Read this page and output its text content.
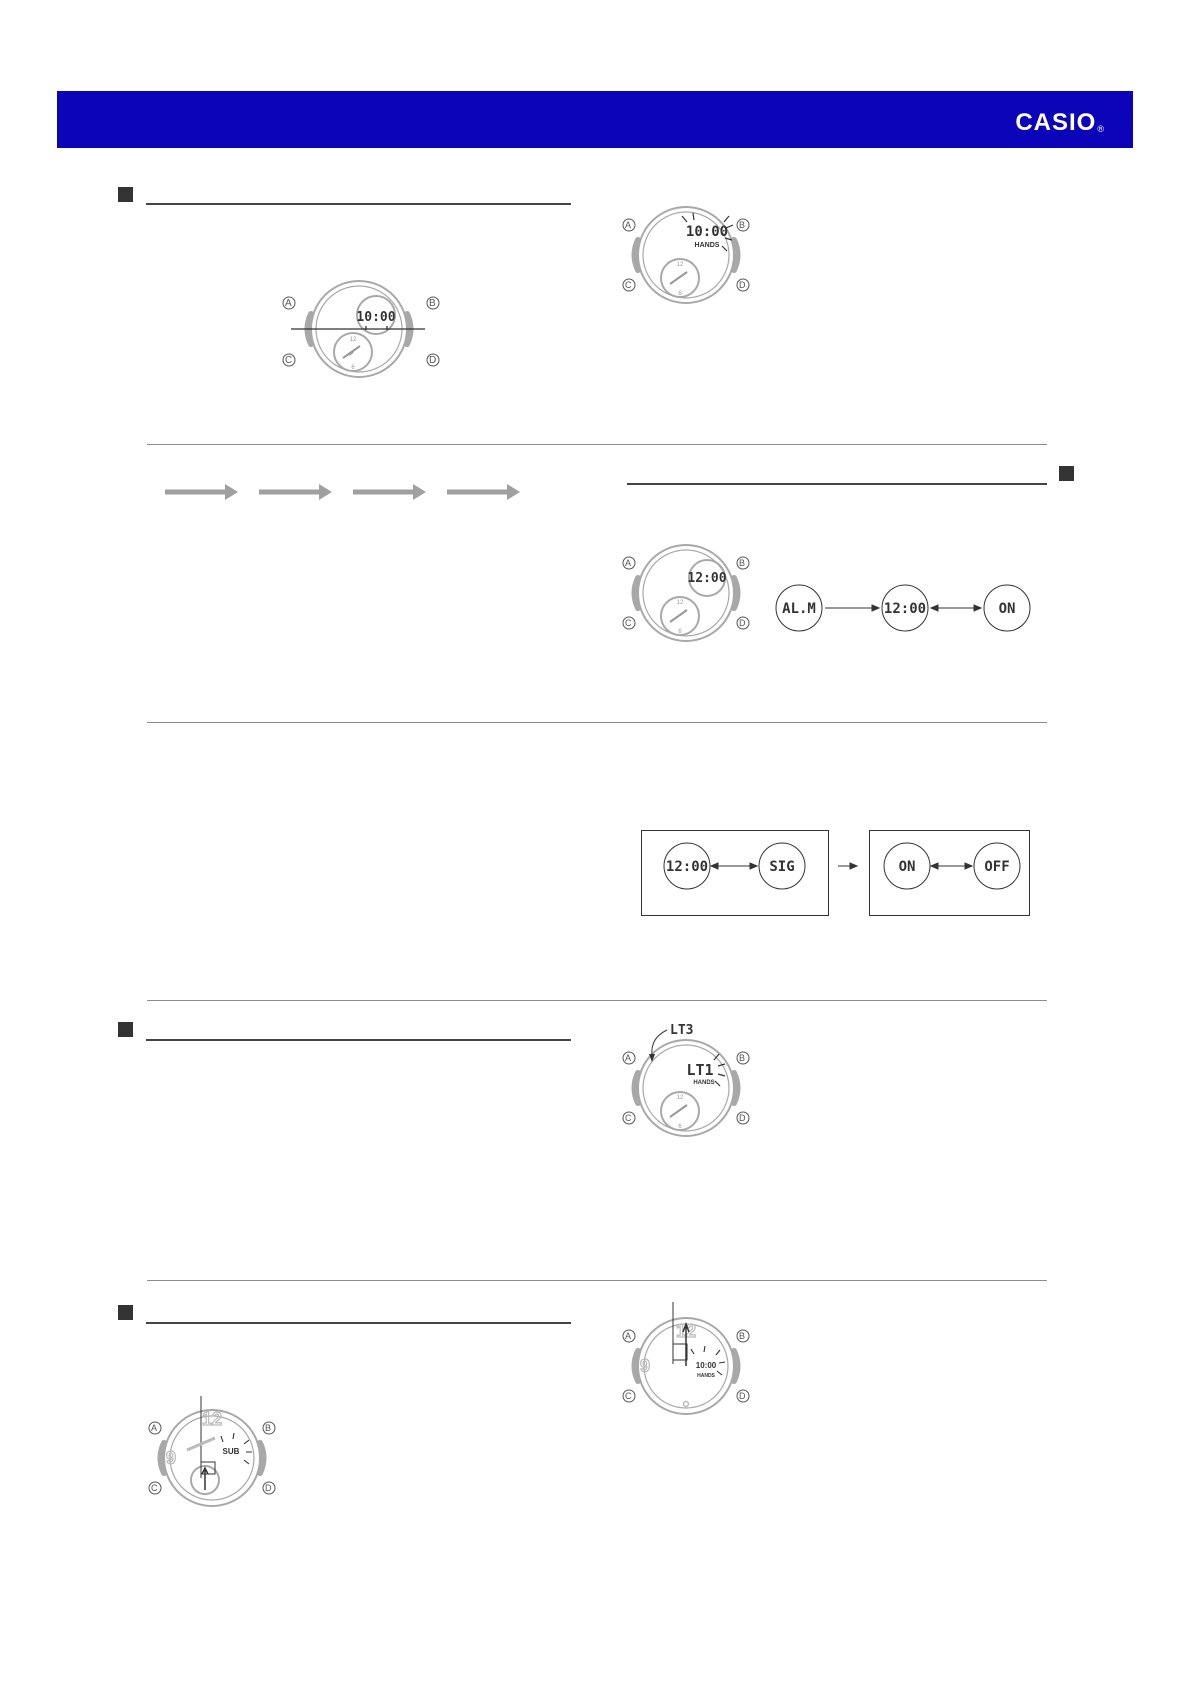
CASIO®
10:00
A	B
C	D
12
6
10:00
HANDS
12
6
A	B
C	D
12:00
12
6
A	B
C	D
AL.M	12:00	ON
12:00	SIG	ON	OFF
LT3
LT1
HANDS
12
6
A	B
C	D
12
9	SUB
A	B
C	D
12
9	10:00
HANDS
A	B
C	D
